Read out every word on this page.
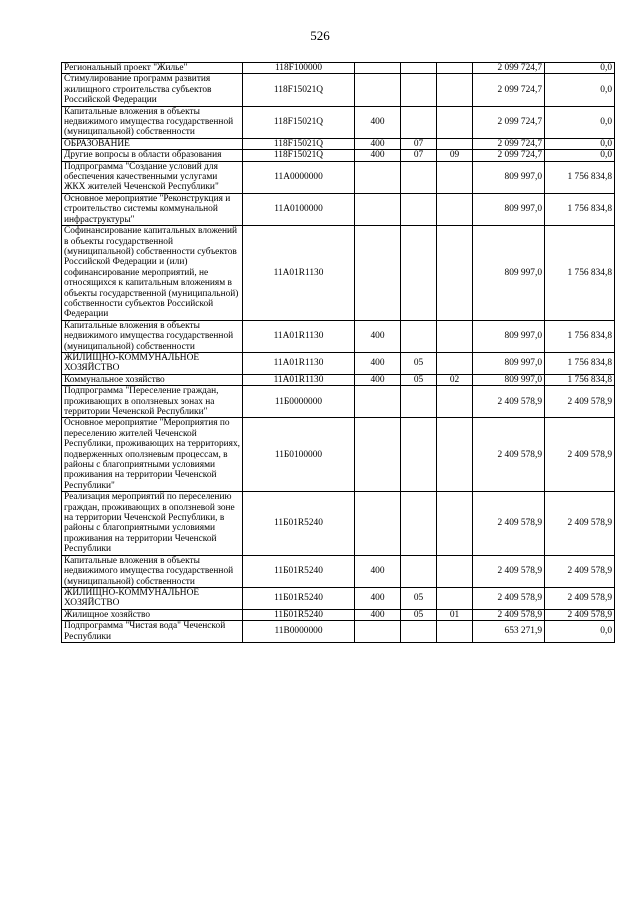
526
Региональный проект "Жилье"	118F100000				2 099 724,7	0,0
Стимулирование программ развития жилищного строительства субъектов Российской Федерации	118F15021Q				2 099 724,7	0,0
Капитальные вложения в объекты недвижимого имущества государственной (муниципальной) собственности	118F15021Q	400			2 099 724,7	0,0
ОБРАЗОВАНИЕ	118F15021Q	400	07		2 099 724,7	0,0
Другие вопросы в области образования	118F15021Q	400	07	09	2 099 724,7	0,0
Подпрограмма "Создание условий для обеспечения качественными услугами ЖКХ жителей Чеченской Республики"	11А0000000				809 997,0	1 756 834,8
Основное мероприятие "Реконструкция и строительство системы коммунальной инфраструктуры"	11А0100000				809 997,0	1 756 834,8
Софинансирование капитальных вложений в объекты государственной (муниципальной) собственности субъектов Российской Федерации и (или) софинансирование мероприятий, не относящихся к капитальным вложениям в объекты государственной (муниципальной) собственности субъектов Российской Федерации	11А01R1130				809 997,0	1 756 834,8
Капитальные вложения в объекты недвижимого имущества государственной (муниципальной) собственности	11А01R1130	400			809 997,0	1 756 834,8
ЖИЛИЩНО-КОММУНАЛЬНОЕ ХОЗЯЙСТВО	11А01R1130	400	05		809 997,0	1 756 834,8
Коммунальное хозяйство	11А01R1130	400	05	02	809 997,0	1 756 834,8
Подпрограмма "Переселение граждан, проживающих в оползневых зонах на территории Чеченской Республики"	11Б0000000				2 409 578,9	2 409 578,9
Основное мероприятие "Мероприятия по переселению жителей Чеченской Республики, проживающих на территориях, подверженных оползневым процессам, в районы с благоприятными условиями проживания на территории Чеченской Республики"	11Б0100000				2 409 578,9	2 409 578,9
Реализация мероприятий по переселению граждан, проживающих в оползневой зоне на территории Чеченской Республики, в районы с благоприятными условиями проживания на территории Чеченской Республики	11Б01R5240				2 409 578,9	2 409 578,9
Капитальные вложения в объекты недвижимого имущества государственной (муниципальной) собственности	11Б01R5240	400			2 409 578,9	2 409 578,9
ЖИЛИЩНО-КОММУНАЛЬНОЕ ХОЗЯЙСТВО	11Б01R5240	400	05		2 409 578,9	2 409 578,9
Жилищное хозяйство	11Б01R5240	400	05	01	2 409 578,9	2 409 578,9
Подпрограмма "Чистая вода" Чеченской Республики	11В0000000				653 271,9	0,0
